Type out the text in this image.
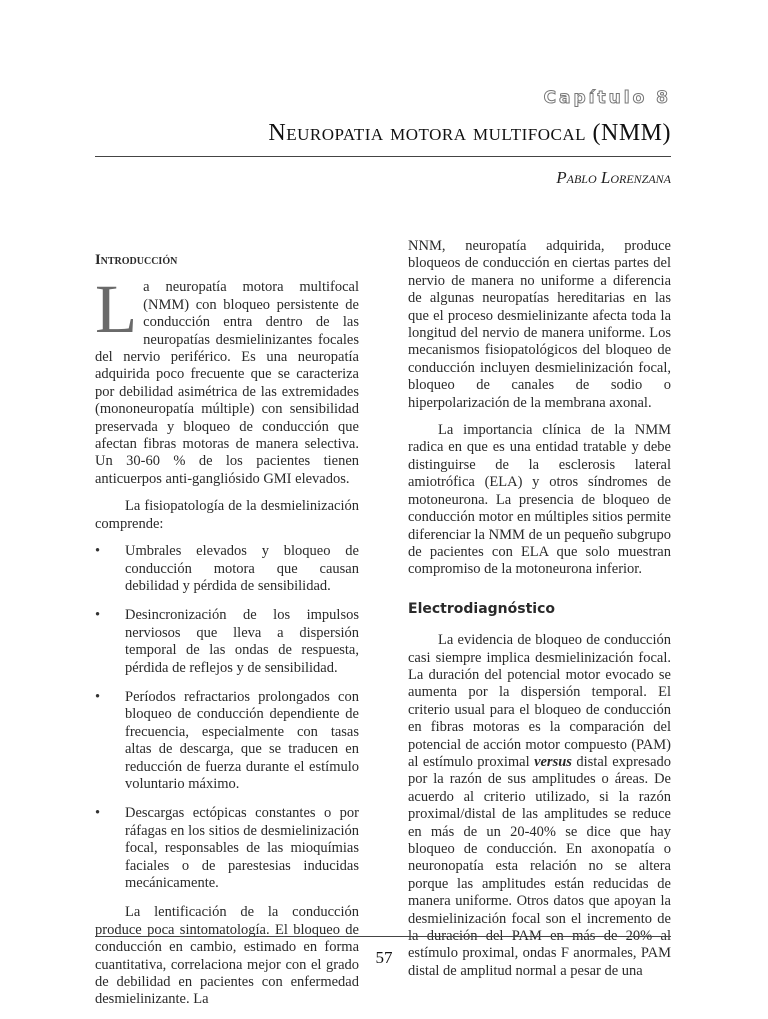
Capítulo 8
Neuropatia motora multifocal (NMM)
Pablo Lorenzana
Introducción

La neuropatía motora multifocal (NMM) con bloqueo persistente de conducción entra dentro de las neuropatías desmielinizantes focales del nervio periférico. Es una neuropatía adquirida poco frecuente que se caracteriza por debilidad asimétrica de las extremidades (mononeuropatía múltiple) con sensibilidad preservada y bloqueo de conducción que afectan fibras motoras de manera selectiva. Un 30-60 % de los pacientes tienen anticuerpos anti-gangliósido GMI elevados.

La fisiopatología de la desmielinización comprende:

• Umbrales elevados y bloqueo de conducción motora que causan debilidad y pérdida de sensibilidad.
• Desincronización de los impulsos nerviosos que lleva a dispersión temporal de las ondas de respuesta, pérdida de reflejos y de sensibilidad.
• Períodos refractarios prolongados con bloqueo de conducción dependiente de frecuencia, especialmente con tasas altas de descarga, que se traducen en reducción de fuerza durante el estímulo voluntario máximo.
• Descargas ectópicas constantes o por ráfagas en los sitios de desmielinización focal, responsables de las mioquímias faciales o de parestesias inducidas mecánicamente.

La lentificación de la conducción produce poca sintomatología. El bloqueo de conducción en cambio, estimado en forma cuantitativa, correlaciona mejor con el grado de debilidad en pacientes con enfermedad desmielinizante. La

NNM, neuropatía adquirida, produce bloqueos de conducción en ciertas partes del nervio de manera no uniforme a diferencia de algunas neuropatías hereditarias en las que el proceso desmielinizante afecta toda la longitud del nervio de manera uniforme. Los mecanismos fisiopatológicos del bloqueo de conducción incluyen desmielinización focal, bloqueo de canales de sodio o hiperpolarización de la membrana axonal.

La importancia clínica de la NMM radica en que es una entidad tratable y debe distinguirse de la esclerosis lateral amiotrófica (ELA) y otros síndromes de motoneurona. La presencia de bloqueo de conducción motor en múltiples sitios permite diferenciar la NMM de un pequeño subgrupo de pacientes con ELA que solo muestran compromiso de la motoneurona inferior.

Electrodiagnóstico

La evidencia de bloqueo de conducción casi siempre implica desmielinización focal. La duración del potencial motor evocado se aumenta por la dispersión temporal. El criterio usual para el bloqueo de conducción en fibras motoras es la comparación del potencial de acción motor compuesto (PAM) al estímulo proximal versus distal expresado por la razón de sus amplitudes o áreas. De acuerdo al criterio utilizado, si la razón proximal/distal de las amplitudes se reduce en más de un 20-40% se dice que hay bloqueo de conducción. En axonopatía o neuronopatía esta relación no se altera porque las amplitudes están reducidas de manera uniforme. Otros datos que apoyan la desmielinización focal son el incremento de la duración del PAM en más de 20% al estímulo proximal, ondas F anormales, PAM distal de amplitud normal a pesar de una

57
